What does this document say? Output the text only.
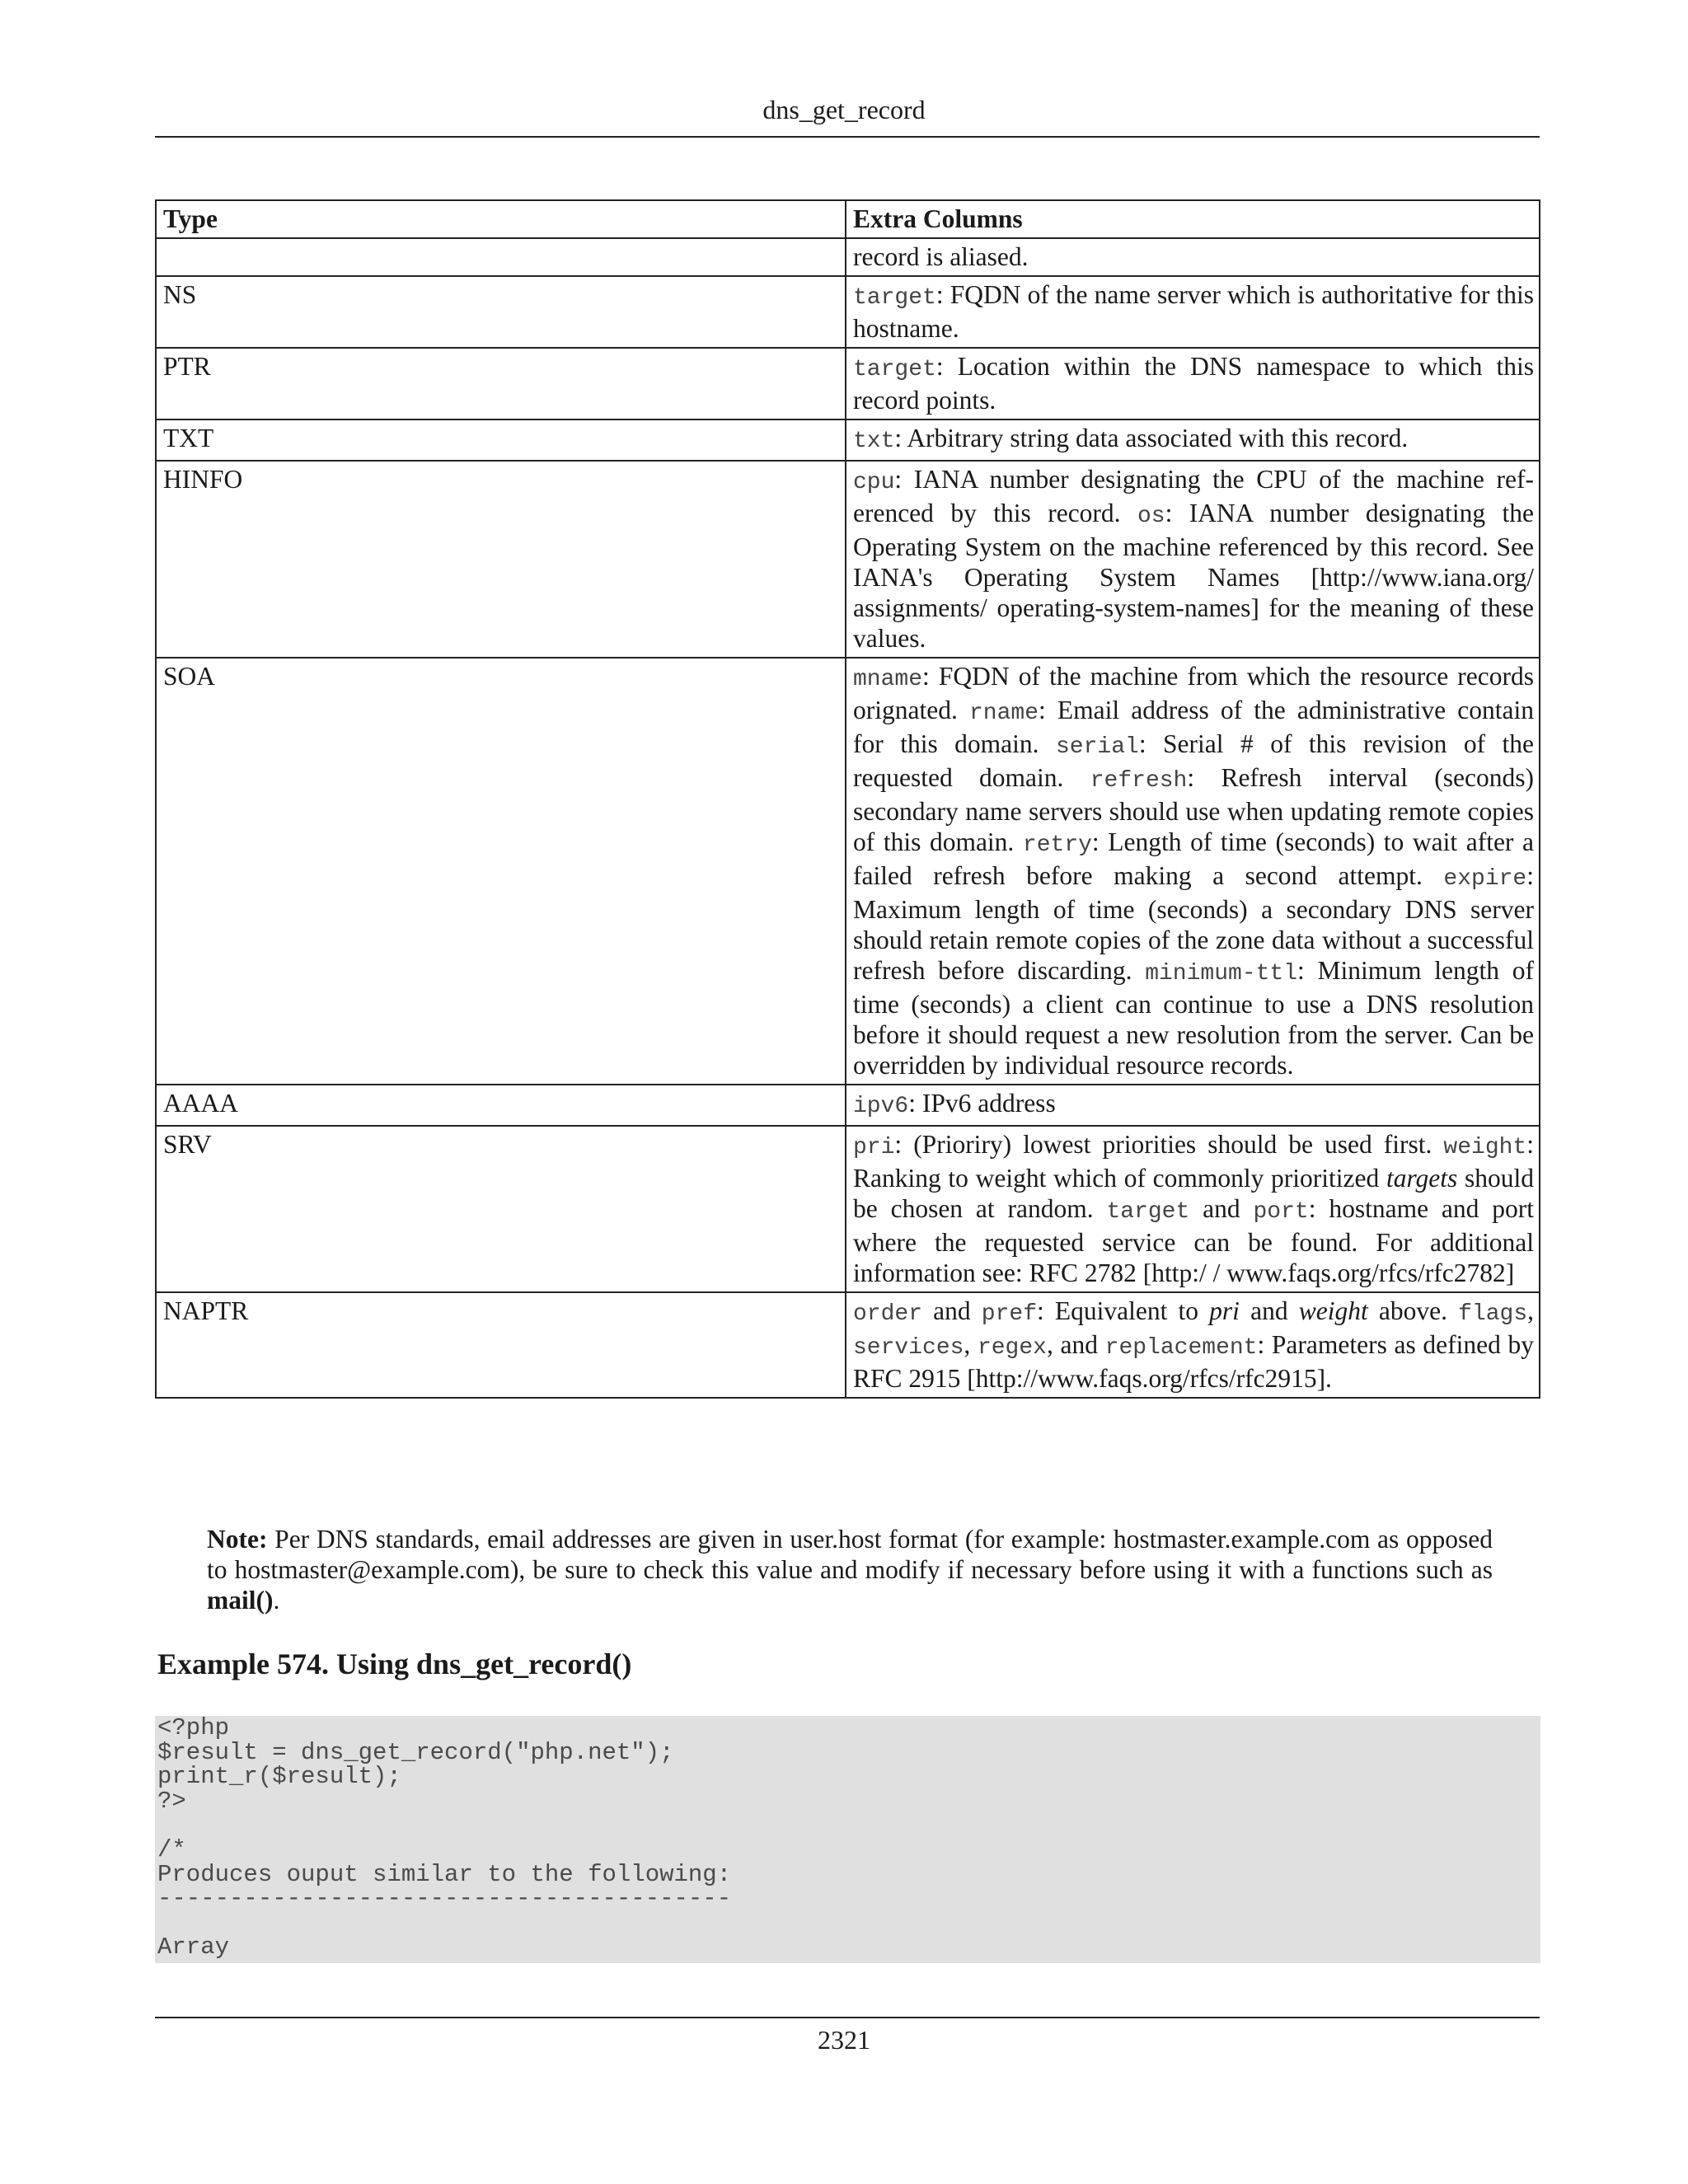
dns_get_record
Type	Extra Columns
	record is aliased.
NS	target: FQDN of the name server which is authoritative for this hostname.
PTR	target: Location within the DNS namespace to which this record points.
TXT	txt: Arbitrary string data associated with this record.
HINFO	cpu: IANA number designating the CPU of the machine referenced by this record. os: IANA number designating the Operating System on the machine referenced by this record. See IANA's Operating System Names [http://www.iana.org/ assignments/ operating-system-names] for the meaning of these values.
SOA	mname: FQDN of the machine from which the resource records orignated. rname: Email address of the administrative contain for this domain. serial: Serial # of this revision of the requested domain. refresh: Refresh interval (seconds) secondary name servers should use when updating remote copies of this domain. retry: Length of time (seconds) to wait after a failed refresh before making a second attempt. expire: Maximum length of time (seconds) a secondary DNS server should retain remote copies of the zone data without a successful refresh before discarding. minimum-ttl: Minimum length of time (seconds) a client can continue to use a DNS resolution before it should request a new resolution from the server. Can be overridden by individual resource records.
AAAA	ipv6: IPv6 address
SRV	pri: (Prioriry) lowest priorities should be used first. weight: Ranking to weight which of commonly prioritized targets should be chosen at random. target and port: hostname and port where the requested service can be found. For additional information see: RFC 2782 [http:/ / www.faqs.org/rfcs/rfc2782]
NAPTR	order and pref: Equivalent to pri and weight above. flags, services, regex, and replacement: Parameters as defined by RFC 2915 [http://www.faqs.org/rfcs/rfc2915].
Note: Per DNS standards, email addresses are given in user.host format (for example: hostmaster.example.com as opposed to hostmaster@example.com), be sure to check this value and modify if necessary before using it with a functions such as mail().
Example 574. Using dns_get_record()
<?php
$result = dns_get_record("php.net");
print_r($result);
?>

/*
Produces ouput similar to the following:
----------------------------------------

Array
2321
